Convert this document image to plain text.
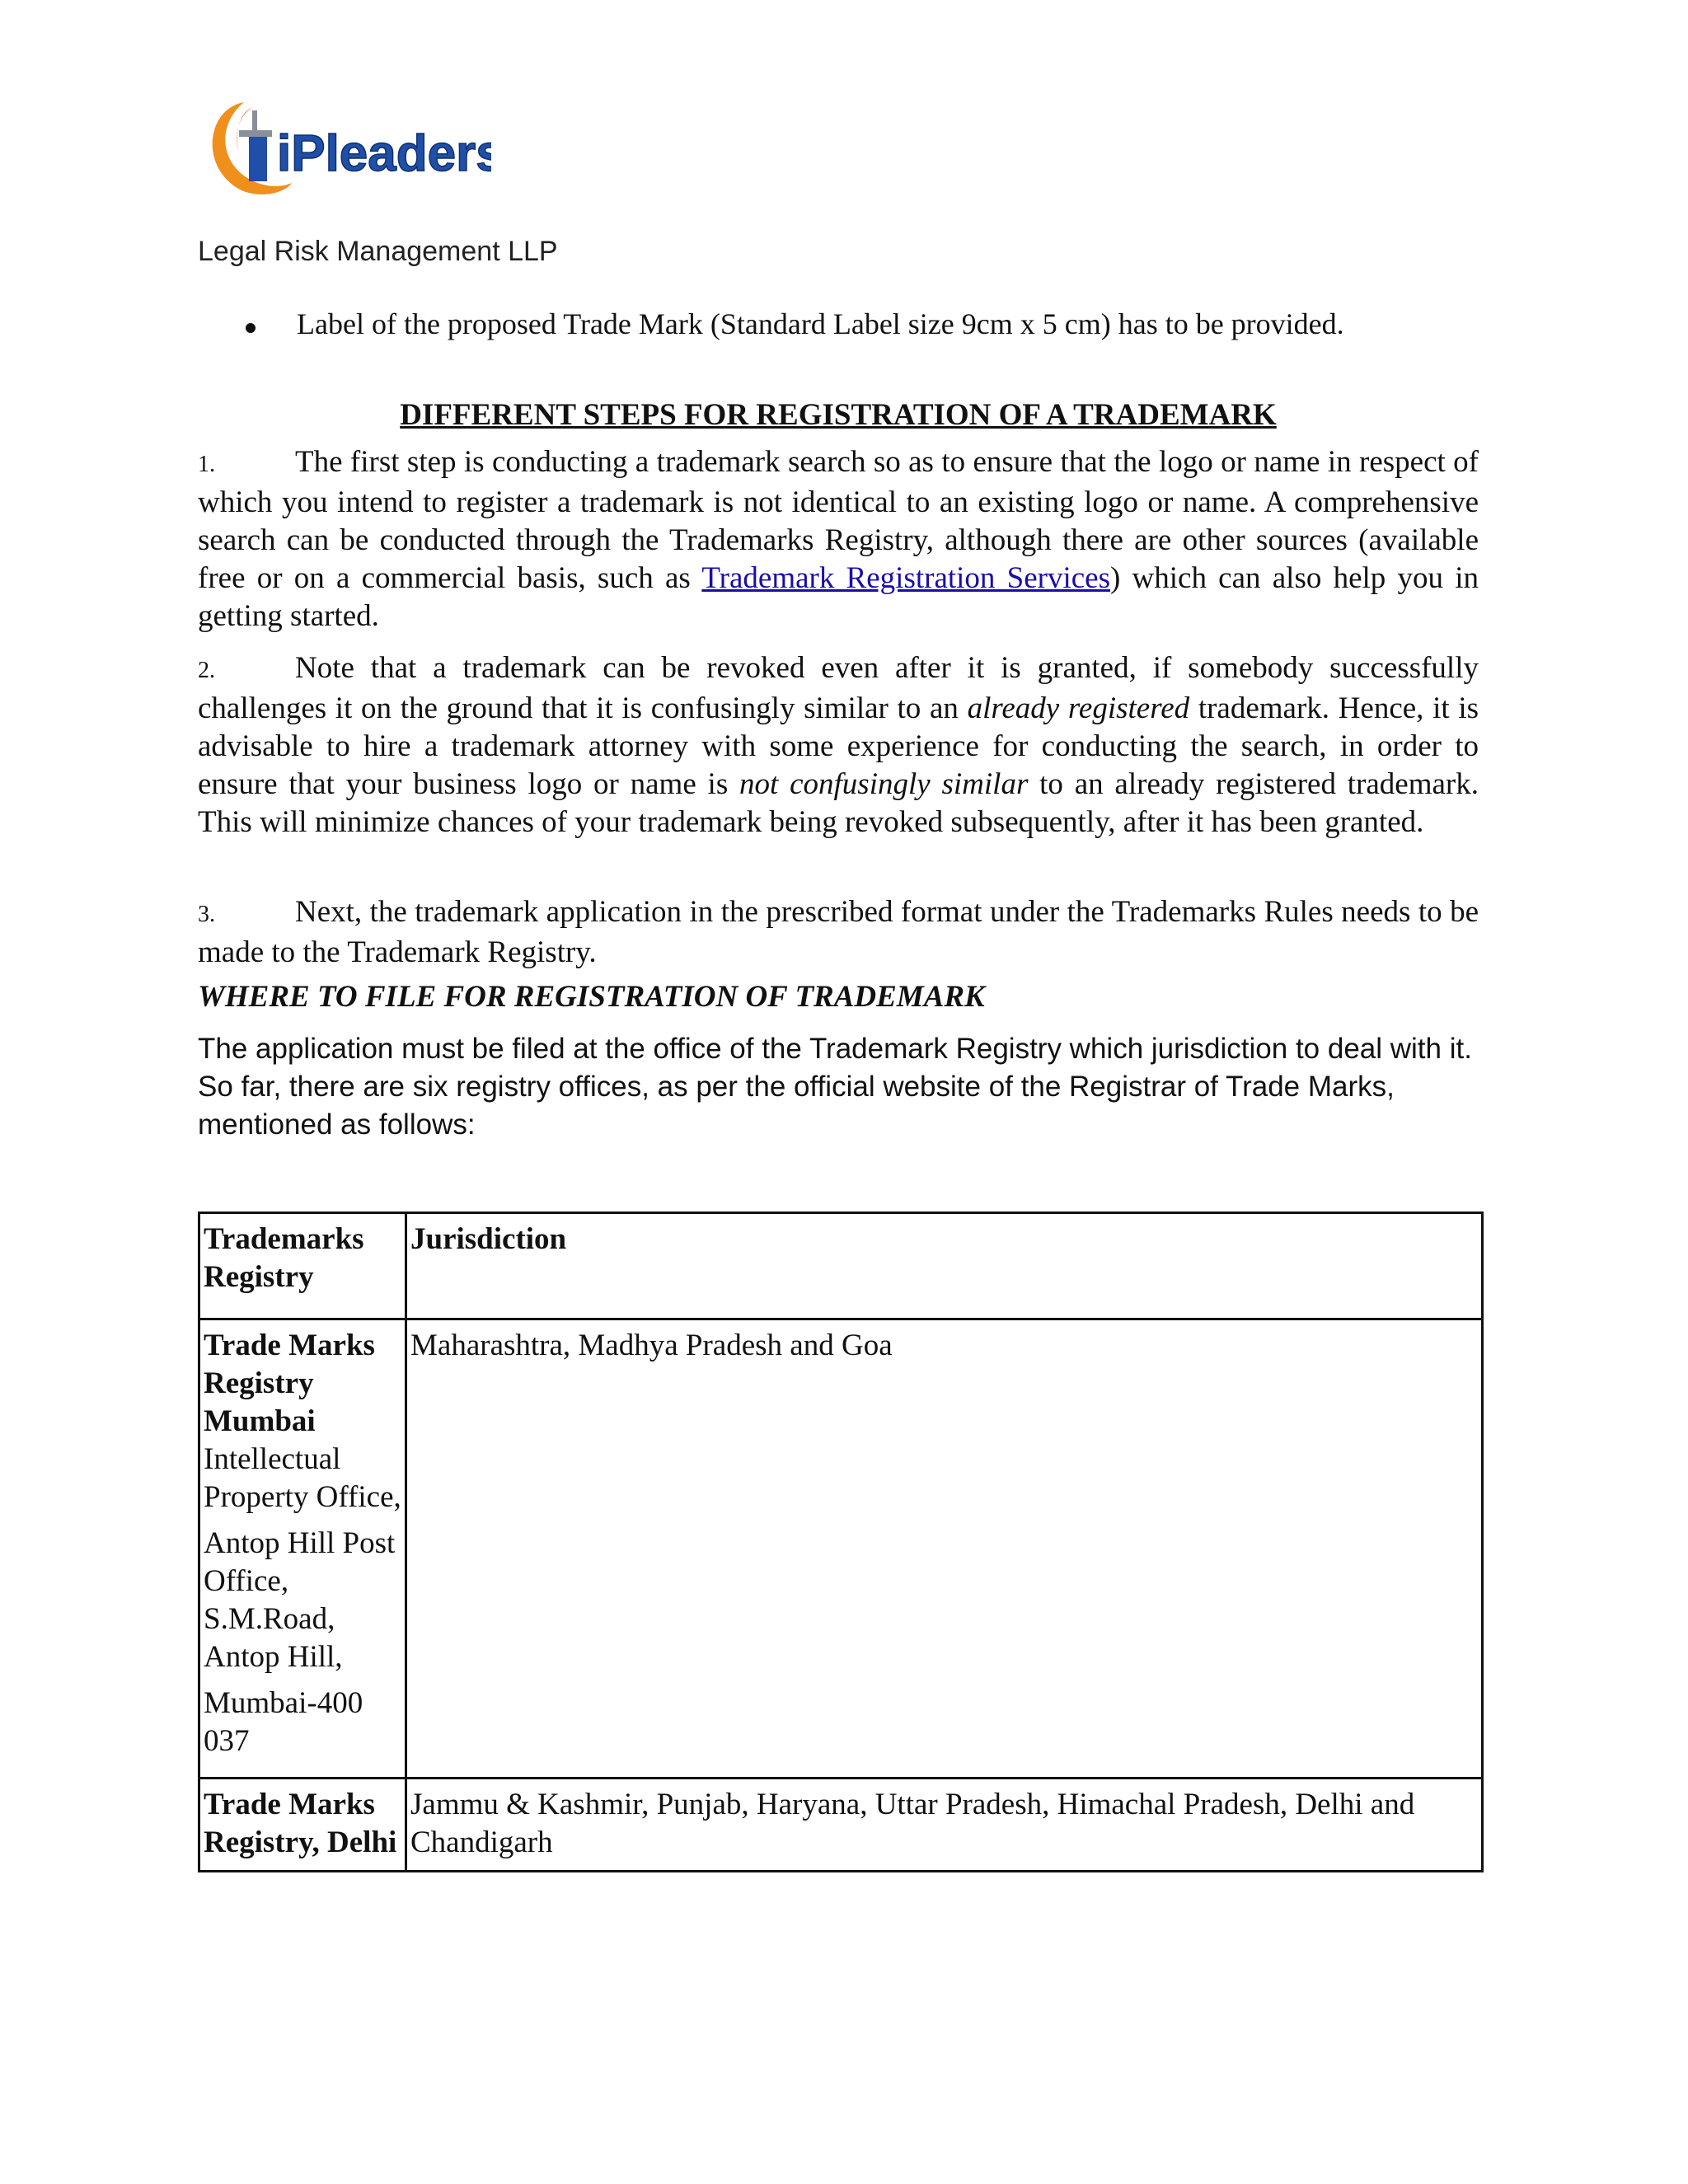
iPleaders
Legal Risk Management LLP
Label of the proposed Trade Mark (Standard Label size 9cm x 5 cm) has to be provided.
DIFFERENT STEPS FOR REGISTRATION OF A TRADEMARK
1.	The first step is conducting a trademark search so as to ensure that the logo or name in respect of which you intend to register a trademark is not identical to an existing logo or name. A comprehensive search can be conducted through the Trademarks Registry, although there are other sources (available free or on a commercial basis, such as Trademark Registration Services) which can also help you in getting started.
2.	Note that a trademark can be revoked even after it is granted, if somebody successfully challenges it on the ground that it is confusingly similar to an already registered trademark. Hence, it is advisable to hire a trademark attorney with some experience for conducting the search, in order to ensure that your business logo or name is not confusingly similar to an already registered trademark. This will minimize chances of your trademark being revoked subsequently, after it has been granted.
3.	Next, the trademark application in the prescribed format under the Trademarks Rules needs to be made to the Trademark Registry.
WHERE TO FILE FOR REGISTRATION OF TRADEMARK
The application must be filed at the office of the Trademark Registry which jurisdiction to deal with it. So far, there are six registry offices, as per the official website of the Registrar of Trade Marks, mentioned as follows:
Trademarks Registry	Jurisdiction

Trade Marks Registry Mumbai
Intellectual Property Office,

Antop Hill Post Office, S.M.Road, Antop Hill,

Mumbai-400 037	Maharashtra, Madhya Pradesh and Goa
Trade Marks Registry, Delhi	Jammu & Kashmir, Punjab, Haryana, Uttar Pradesh, Himachal Pradesh, Delhi and Chandigarh
